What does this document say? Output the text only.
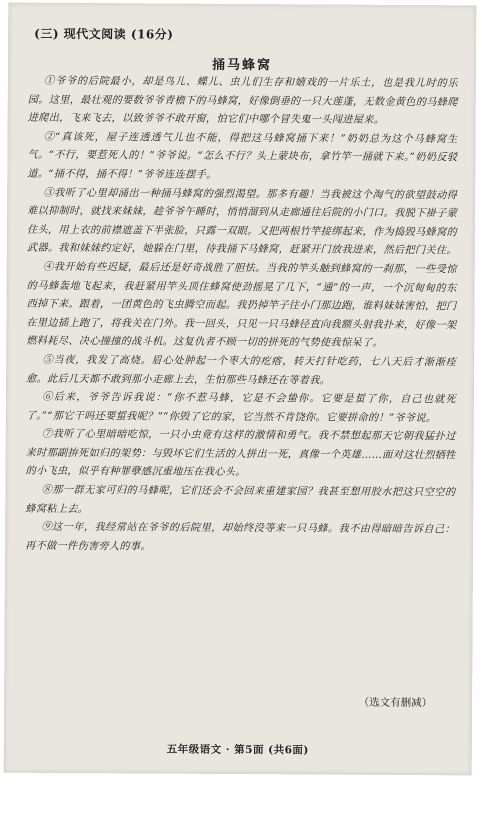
(三) 现代文阅读 (16分)
捅马蜂窝

①爷爷的后院最小，却是鸟儿、蝶儿、虫儿们生存和嬉戏的一片乐土，也是我儿时的乐园。这里，最壮观的要数爷爷青檐下的马蜂窝，好像倒垂的一只大莲蓬，无数金黄色的马蜂爬进爬出，飞来飞去，以致爷爷不敢开窗，怕它们中哪个冒失鬼一头闯进屋来。

②“真该死，屋子连透透气儿也不能，得把这马蜂窝捅下来！”奶奶总为这个马蜂窝生气。“不行，要惹死人的！”爷爷说。“怎么不行？头上蒙块布，拿竹竿一捅就下来。”奶奶反驳道。“捅不得，捅不得！”爷爷连连摆手。

③我听了心里却涌出一种捅马蜂窝的强烈渴望。那多有趣！当我被这个淘气的欲望鼓动得难以抑制时，就找来妹妹，趁爷爷午睡时，悄悄溜到从走廊通往后院的小门口。我脱下褂子蒙住头，用上衣的前襟遮盖下半张脸，只露一双眼。又把两根竹竿接绑起来，作为捣毁马蜂窝的武器。我和妹妹约定好，她躲在门里，待我捅下马蜂窝，赶紧开门放我进来，然后把门关住。

④我开始有些迟疑，最后还是好奇战胜了胆怯。当我的竿头触到蜂窝的一刹那，一些受惊的马蜂轰地飞起来，我赶紧用竿头顶住蜂窝使劲摇晃了几下，“通”的一声，一个沉甸甸的东西掉下来。跟着，一团黄色的飞虫腾空而起。我扔掉竿子往小门那边跑，谁料妹妹害怕，把门在里边插上跑了，将我关在门外。我一回头，只见一只马蜂径直向我额头射我扑来，好像一架燃料耗尽、决心撞撞的战斗机。这复仇者不顾一切的拼死的气势使我惊呆了。

⑤当夜，我发了高烧。眉心处肿起一个枣大的疙瘩，转天打针吃药，七八天后才渐渐痊愈。此后几天都不敢到那小走廊上去，生怕那些马蜂还在等着我。

⑥后来，爷爷告诉我说：“你不惹马蜂，它是不会蛰你。它要是蜇了你，自己也就死了。”“那它干吗还要蜇我呢？”“你毁了它的家，它当然不肯饶你。它要拼命的！”爷爷说。

⑦我听了心里暗暗吃惊，一只小虫竟有这样的激情和勇气。我不禁想起那天它朝我猛扑过来时那副拚死如归的架势：与毁坏它们生活的人拼出一死，真像一个英雄……面对这壮烈牺牲的小飞虫，似乎有种罪孽感沉重地压在我心头。

⑧那一群无家可归的马蜂呢，它们还会不会回来重建家园？我甚至想用胶水把这只空空的蜂窝粘上去。

⑨这一年，我经常站在爷爷的后院里，却始终没等来一只马蜂。我不由得暗暗告诉自己：再不做一件伤害旁人的事。

（选文有删减）
五年级语文 · 第5面 (共6面)
